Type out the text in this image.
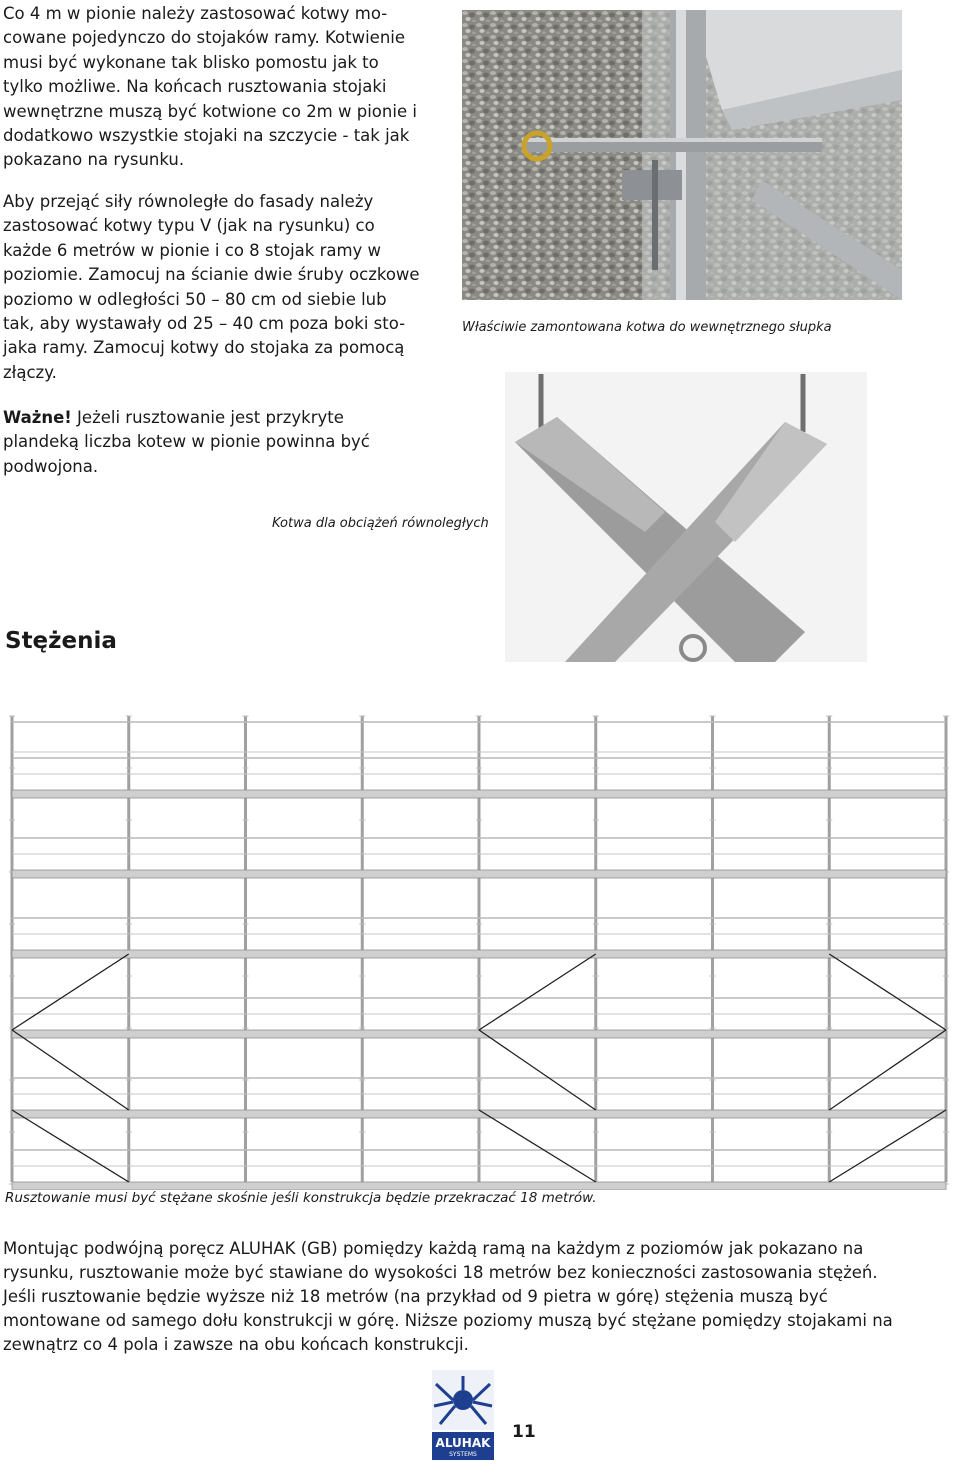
Co 4 m w pionie należy zastosować kotwy mo-
cowane pojedynczo do stojaków ramy. Kotwienie
musi być wykonane tak blisko pomostu jak to
tylko możliwe. Na końcach rusztowania stojaki
wewnętrzne muszą być kotwione co 2m w pionie i
dodatkowo wszystkie stojaki na szczycie - tak jak
pokazano na rysunku.

Aby przejąć siły równoległe do fasady należy
zastosować kotwy typu V (jak na rysunku) co
każde 6 metrów w pionie i co 8 stojak ramy w
poziomie. Zamocuj na ścianie dwie śruby oczkowe
poziomo w odległości 50 – 80 cm od siebie lub
tak, aby wystawały od 25 – 40 cm poza boki sto-
jaka ramy. Zamocuj kotwy do stojaka za pomocą
złączy.

Ważne! Jeżeli rusztowanie jest przykryte
plandeką liczba kotew w pionie powinna być
podwojona.

Właściwie zamontowana kotwa do wewnętrznego słupka
Kotwa dla obciążeń równoległych
Stężenia
Rusztowanie musi być stężane skośnie jeśli konstrukcja będzie przekraczać 18 metrów.

Montując podwójną poręcz ALUHAK (GB) pomiędzy każdą ramą na każdym z poziomów jak pokazano na
rysunku, rusztowanie może być stawiane do wysokości 18 metrów bez konieczności zastosowania stężeń.
Jeśli rusztowanie będzie wyższe niż 18 metrów (na przykład od 9 pietra w górę) stężenia muszą być
montowane od samego dołu konstrukcji w górę. Niższe poziomy muszą być stężane pomiędzy stojakami na
zewnątrz co 4 pola i zawsze na obu końcach konstrukcji.

ALUHAK
SYSTEMS
11
